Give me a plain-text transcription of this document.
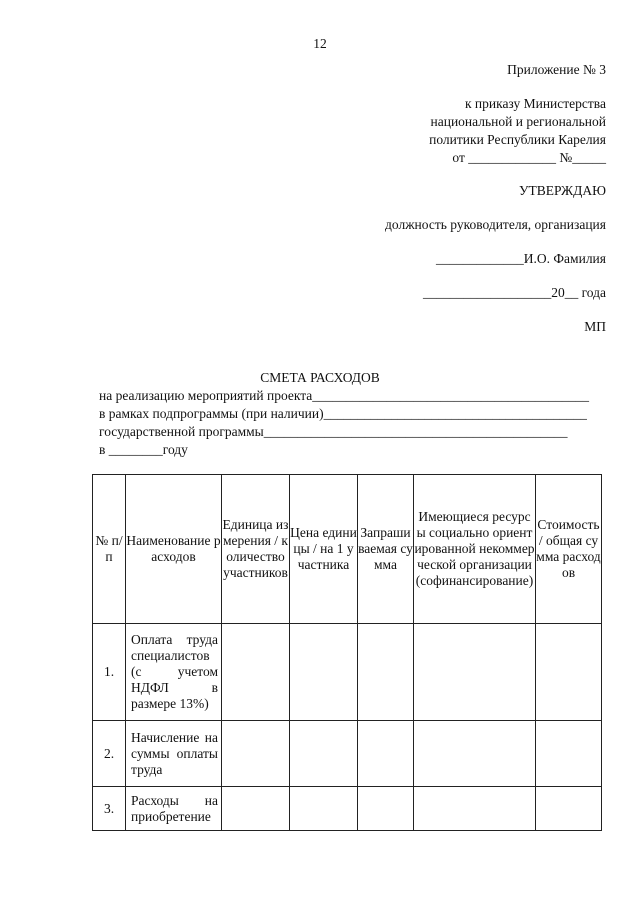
12
Приложение № 3
к приказу Министерства
национальной и региональной
политики Республики Карелия
от _____________ №_____
УТВЕРЖДАЮ
должность руководителя, организация
_____________И.О. Фамилия
___________________20__ года
МП
СМЕТА РАСХОДОВ
на реализацию мероприятий проекта_________________________________________
в рамках подпрограммы (при наличии)_______________________________________
государственной программы_____________________________________________
в ________году
№ п/п	Наименование расходов	Единица измерения / количество участников	Цена единицы / на 1 участника	Запрашиваемая сумма	Имеющиеся ресурсы социально ориентированной некоммерческой организации (софинансирование)	Стоимость / общая сумма расходов

1.	Оплата труда специалистов (с учетом НДФЛ в размере 13%)					
2.	Начисление на суммы оплаты труда					
3.	Расходы на приобретение					
